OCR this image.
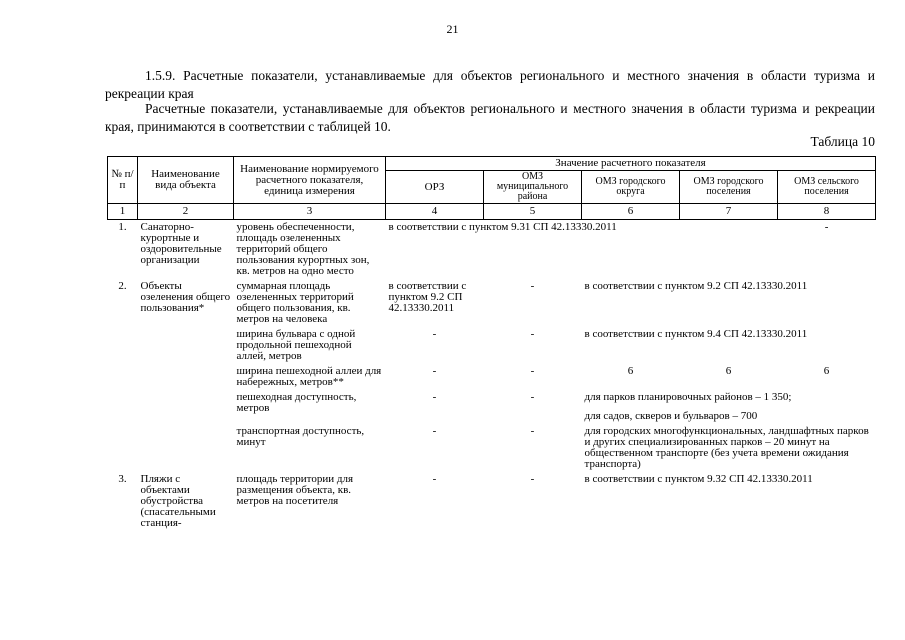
21
1.5.9. Расчетные показатели, устанавливаемые для объектов регионального и местного значения в области туризма и рекреации края
Расчетные показатели, устанавливаемые для объектов регионального и местного значения в области туризма и рекреации края, принимаются в соответствии с таблицей 10.
Таблица 10
№ п/п	Наименование вида объекта	Наименование нормируемого расчетного показателя, единица измерения	Значение расчетного показателя				
			ОРЗ	ОМЗ муниципального района	ОМЗ городского округа	ОМЗ городского поселения	ОМЗ сельского поселения
1	2	3	4	5	6	7	8
1.	Санаторно-курортные и оздоровительные организации	уровень обеспеченности, площадь озелененных территорий общего пользования курортных зон, кв. метров на одно место	в соответствии с пунктом 9.31 СП 42.13330.2011				-
2.	Объекты озеленения общего пользования*	суммарная площадь озелененных территорий общего пользования, кв. метров на человека	в соответствии с пунктом 9.2 СП 42.13330.2011	-	в соответствии с пунктом 9.2 СП 42.13330.2011		
		ширина бульвара с одной продольной пешеходной аллей, метров	-	-	в соответствии с пунктом 9.4 СП 42.13330.2011		
		ширина пешеходной аллеи для набережных, метров**	-	-	6	6	6
		пешеходная доступность, метров	-	-	для парков планировочных районов – 1 350;
для садов, скверов и бульваров – 700		

		транспортная доступность, минут	-	-	для городских многофункциональных, ландшафтных парков и других специализированных парков – 20 минут на общественном транспорте (без учета времени ожидания транспорта)		
3.	Пляжи с объектами обустройства (спасательными станция-	площадь территории для размещения объекта, кв. метров на посетителя	-	-	в соответствии с пунктом 9.32 СП 42.13330.2011		
